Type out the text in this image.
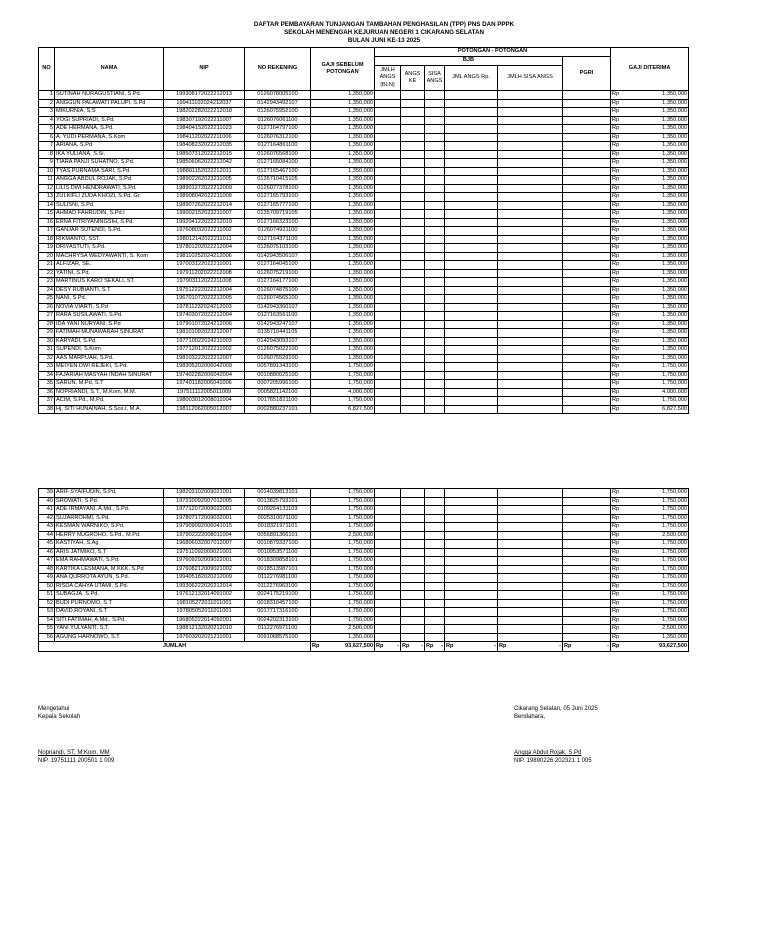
DAFTAR PEMBAYARAN TUNJANGAN TAMBAHAN PENGHASILAN (TPP) PNS DAN PPPK
SEKOLAH MENENGAH KEJURUAN NEGERI 1 CIKARANG SELATAN
BULAN JUNI KE-13 2025
NO	NAMA	NIP	NO REKENING	GAJI SEBELUM POTONGAN	POTONGAN - POTONGAN						GAJI DITERIMA
					BJB					PGRI	
					JMLH ANGS (BLN)	ANGS KE	SISA ANGS	JML ANGS Rp.	JMLH SISA ANGS		
1	SUTINAH NURAGUSTIANI, S.Pd.	199308172022212013	0126078005100	1,350,000							Rp 1,350,000

2	ANGGUN PALAWATI PALUPI, S.Pd	199411102024212037	0142943492107	1,350,000							Rp 1,350,000

3	MIKURNIA, S.S	198202282022212018	0126075952100	1,350,000							Rp 1,350,000

4	YOGI SUPRIADI, S.Pd.	198307192022211007	0126076061100	1,350,000							Rp 1,350,000

5	ADE HERMANA, S.Pd.	198404152022211023	0127164797100	1,350,000							Rp 1,350,000

6	A. YUDI PERMANA, S.Kom	198411202022211006	0126076312100	1,350,000							Rp 1,350,000

7	ARIANA, S.Pd	198408232022212035	0127164861100	1,350,000							Rp 1,350,000

8	IKA YULIANA, S.Si.	198507312022212015	0126076568100	1,350,000							Rp 1,350,000

9	TIARA PANJI SUHATNO, S.Pd.	198506062022212042	0127165084100	1,350,000							Rp 1,350,000

10	TYAS PURNAMA SARI, S.Pd	198801152022212011	0127165467100	1,350,000							Rp 1,350,000

11	ANGGA ABDUL ROJAK, S.Pd.	198902262023211005	0135710415105	1,350,000							Rp 1,350,000

12	LILIS DWI HENDRAWATI, S.Pd.	198901272022212009	0126077378100	1,350,000							Rp 1,350,000

13	ZULKIFLI ZUDA KHOZI, S.Pd. Gr.	198908042022211009	0127165793100	1,350,000							Rp 1,350,000

14	SULISNI, S.Pd.	198907262022212014	0127165777100	1,350,000							Rp 1,350,000

15	AHMAD FAHRUDIN, S.Pd.I	199002152023211007	0135709719105	1,350,000							Rp 1,350,000

16	ERNA FITRIYANINGSIH, S.Pd.	199204122022212019	0127166323100	1,350,000							Rp 1,350,000

17	GANJAR SUTENDI, S.Pd.	197608032022211002	0126074921100	1,350,000							Rp 1,350,000

18	RIKMANTO, SST.	198012142022211011	0127164371100	1,350,000							Rp 1,350,000

19	DRIYASTUTI, S.Pd.	197801202022212004	0126075103100	1,350,000							Rp 1,350,000

20	MACHRYSA WEDYAWANTI, S. Kom	198110252024212006	0142943506107	1,350,000							Rp 1,350,000

21	ALFIZAR, SE.	197003122022211001	0127164045100	1,350,000							Rp 1,350,000

22	YATINI, S.Pd.	197911202022212008	0126075219100	1,350,000							Rp 1,350,000

23	MARTINUS KARO SEKALI, ST.	197903112022211008	0127164177100	1,350,000							Rp 1,350,000

24	DESY RUBIANTI, S.T	197512222022212004	0126074875100	1,350,000							Rp 1,350,000

25	NANI, S.Pd.	196701072022212005	0126074565100	1,350,000							Rp 1,350,000

26	NOVIA VIARTI, S.Pd	197811232024212003	0142943360107	1,350,000							Rp 1,350,000

27	RARA SUSILAWATI, S.Pd.	197403072022212004	0127163561100	1,350,000							Rp 1,350,000

28	IDA YANI NURYANI, S.Pd	197901072024212006	0142943247107	1,350,000							Rp 1,350,000

29	FATIMAH MUNAWARAH SINURAT	198101092023212007	0135710441105	1,350,000							Rp 1,350,000

30	KARYADI, S.Pd.	197710022024211003	0142943093107	1,350,000							Rp 1,350,000

31	SUPENDI, S.Kom	197712012022211002	0126075022100	1,350,000							Rp 1,350,000

32	AAS MARPUAH, S.Pd.	198103222022212007	0126075529100	1,350,000							Rp 1,350,000

33	MEIYEN DWI REJEKI, S.Pd.	198305202006042009	0057891343100	1,750,000							Rp 1,750,000

34	FAJARIAH MASYAH INDAH SINURAT	197402282006042004	0010880025100	1,750,000							Rp 1,750,000

35	SARUN, M.Pd, S.T	197401182006041006	0007205996100	1,750,000							Rp 1,750,000

36	NOPRIANDI, S.T., M.Kom, M.M.	197511112005011009	0005821142100	4,000,000							Rp 4,000,000

37	ACIM, S.Pd., M.Pd.	198003012008011004	0017651821100	1,750,000							Rp 1,750,000

38	Hj. SITI HUNAINAH, S.Sos.I, M.A.	198112062005012007	0002880237101	6,827,500							Rp 6,827,500
39	ARIF SYAIFUDIN, S.Pd.	198203102009021001	0014039813101	1,750,000							Rp 1,750,000

40	SROWATI, S.Pd.	197310092007012005	0013825793101	1,750,000							Rp 1,750,000

41	ADE IRMAYANI, A.Md., S.Pd.	197712072009022001	0109264131103	1,750,000							Rp 1,750,000

42	SUJARROHMI, S.Pd.	197807172009032001	0025310071100	1,750,000							Rp 1,750,000

43	KESMAN WARNIKO, S.Pd.	197909092006041015	0018321971101	1,750,000							Rp 1,750,000

44	HERRY NUGROHO, S.Pd., M.Pd.	197902222008011004	0056891366101	2,500,000							Rp 2,500,000

45	KASTIYAH, S.Ag	196806032007012007	0010879337100	1,750,000							Rp 1,750,000

46	ARIS JATMIKO, S.T	197511092009021001	0010953571100	1,750,000							Rp 1,750,000

47	EMA RAHMAWATI, S.Pd.	197609292009022001	0018309858101	1,750,000							Rp 1,750,000

48	KARTIKA LESMANA, M.KKK, S.Pd	197608212009021002	0018513987101	1,750,000							Rp 1,750,000

49	ANA QURROTA AYUN, S.Pd.	199405182020212009	0112276981100	1,750,000							Rp 1,750,000

50	RISDA CAHYA UTAMI, S.Pd.	199306222020212014	0112276963100	1,750,000							Rp 1,750,000

51	SUBAGJA, S.Pd.	197612132014091002	0024175219100	1,750,000							Rp 1,750,000

52	BUDI PURNOMO, S.T	198105272011011001	0018310457100	1,750,000							Rp 1,750,000

53	DAVID ROYANI, S.T	197805052011011001	0017717316100	1,750,000							Rp 1,750,000

54	SITI FATIMAH, A.Md., S.Pd.	196805222014092001	0024202313100	1,750,000							Rp 1,750,000

55	YANI YULYANTI, S.T.	198812132020212010	0112276971100	2,500,000							Rp 2,500,000

56	AGUNG HARNOWO, S.T	197603202021211001	0091068575100	1,350,000							Rp 1,350,000

JUMLAH				Rp 93,627,500	Rp -	Rp -	Rp -	Rp -	Rp -	Rp -	Rp 93,627,500
Mengetahui
Kepala Sekolah
Nopriandi, ST, M.Kom, MM
NIP. 19751111 200501 1 009
Cikarang Selatan, 05 Juni 2025
Bendahara,
Angga Abdul Rojak, S.Pd
NIP. 19890226 202321 1 005
